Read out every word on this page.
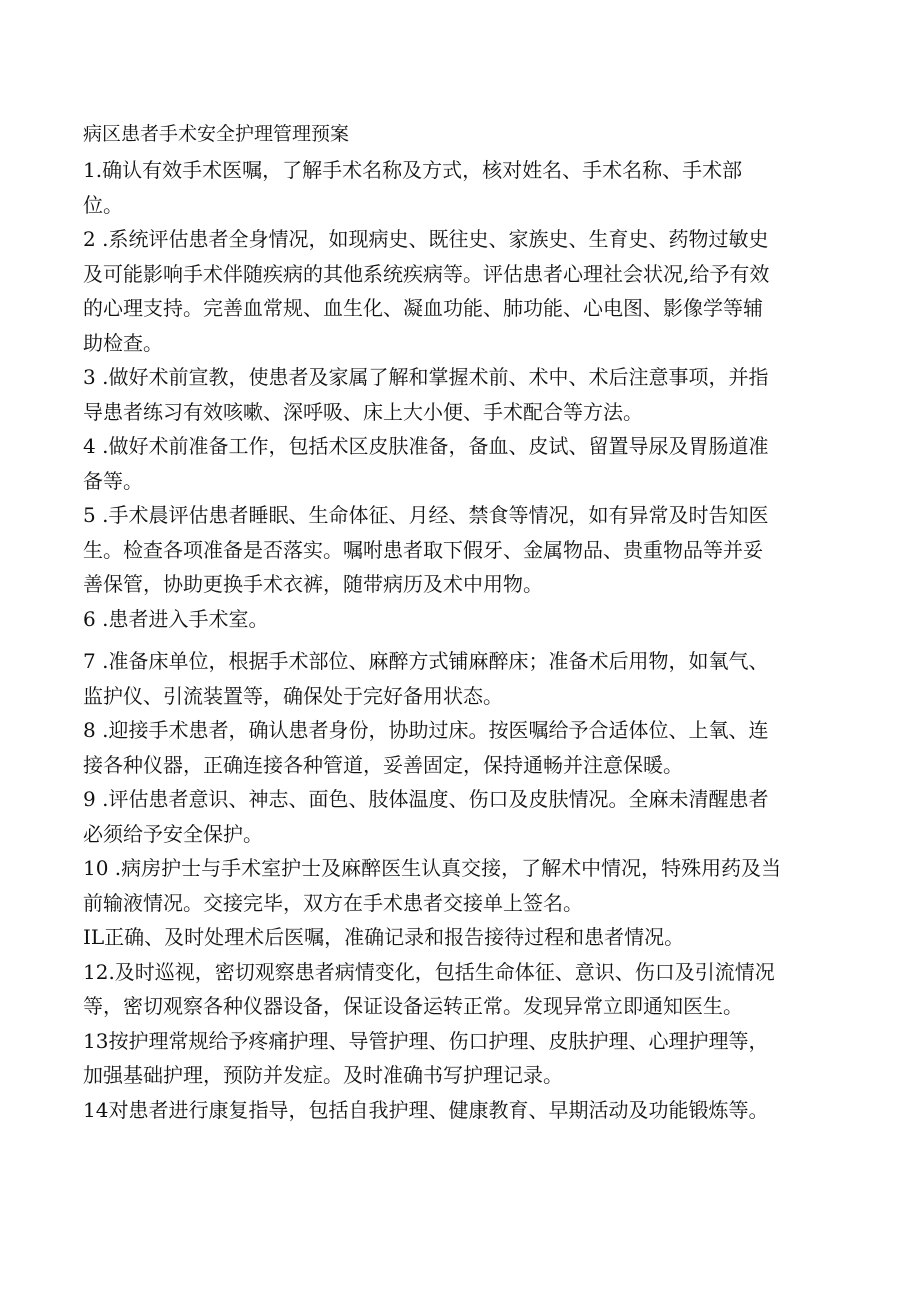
病区患者手术安全护理管理预案
1.确认有效手术医嘱，了解手术名称及方式，核对姓名、手术名称、手术部
位。
2 .系统评估患者全身情况，如现病史、既往史、家族史、生育史、药物过敏史
及可能影响手术伴随疾病的其他系统疾病等。评估患者心理社会状况,给予有效
的心理支持。完善血常规、血生化、凝血功能、肺功能、心电图、影像学等辅
助检查。
3 .做好术前宣教，使患者及家属了解和掌握术前、术中、术后注意事项，并指
导患者练习有效咳嗽、深呼吸、床上大小便、手术配合等方法。
4 .做好术前准备工作，包括术区皮肤准备，备血、皮试、留置导尿及胃肠道准
备等。
5 .手术晨评估患者睡眠、生命体征、月经、禁食等情况，如有异常及时告知医
生。检查各项准备是否落实。嘱咐患者取下假牙、金属物品、贵重物品等并妥
善保管，协助更换手术衣裤，随带病历及术中用物。
6 .患者进入手术室。
7 .准备床单位，根据手术部位、麻醉方式铺麻醉床；准备术后用物，如氧气、
监护仪、引流装置等，确保处于完好备用状态。
8 .迎接手术患者，确认患者身份，协助过床。按医嘱给予合适体位、上氧、连
接各种仪器，正确连接各种管道，妥善固定，保持通畅并注意保暖。
9 .评估患者意识、神志、面色、肢体温度、伤口及皮肤情况。全麻未清醒患者
必须给予安全保护。
10 .病房护士与手术室护士及麻醉医生认真交接，了解术中情况，特殊用药及当
前输液情况。交接完毕，双方在手术患者交接单上签名。
IL正确、及时处理术后医嘱，准确记录和报告接待过程和患者情况。
12.及时巡视，密切观察患者病情变化，包括生命体征、意识、伤口及引流情况
等，密切观察各种仪器设备，保证设备运转正常。发现异常立即通知医生。
13按护理常规给予疼痛护理、导管护理、伤口护理、皮肤护理、心理护理等，
加强基础护理，预防并发症。及时准确书写护理记录。
14对患者进行康复指导，包括自我护理、健康教育、早期活动及功能锻炼等。
